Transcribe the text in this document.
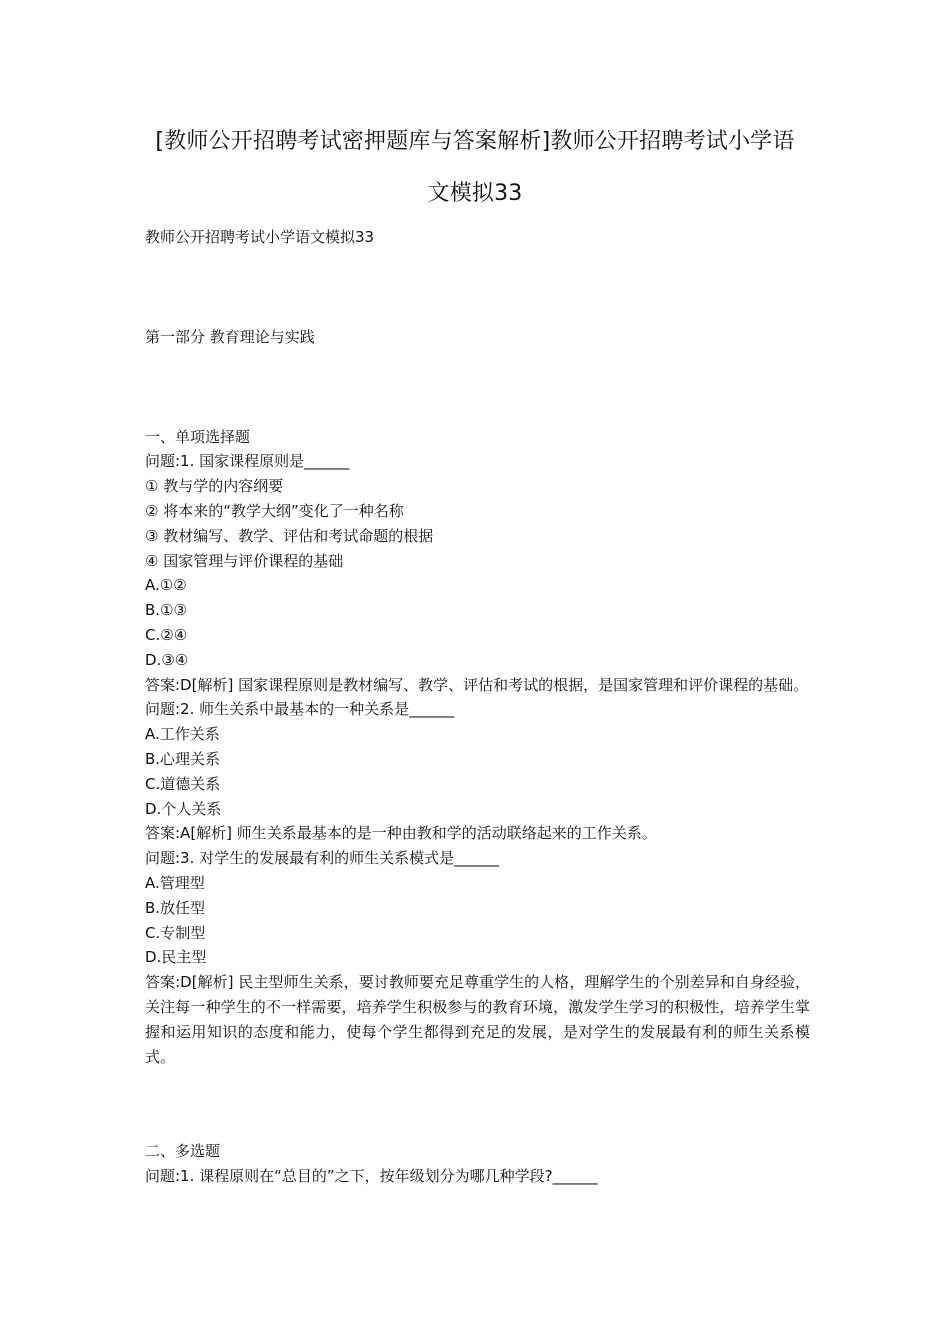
[教师公开招聘考试密押题库与答案解析]教师公开招聘考试小学语

文模拟33

教师公开招聘考试小学语文模拟33

第一部分 教育理论与实践

一、单项选择题

问题:1. 国家课程原则是______

① 教与学的内容纲要

② 将本来的“教学大纲”变化了一种名称

③ 教材编写、教学、评估和考试命题的根据

④ 国家管理与评价课程的基础

A.①②

B.①③

C.②④

D.③④

答案:D[解析] 国家课程原则是教材编写、教学、评估和考试的根据，是国家管理和评价课程的基础。

问题:2. 师生关系中最基本的一种关系是______

A.工作关系

B.心理关系

C.道德关系

D.个人关系

答案:A[解析] 师生关系最基本的是一种由教和学的活动联络起来的工作关系。

问题:3. 对学生的发展最有利的师生关系模式是______

A.管理型

B.放任型

C.专制型

D.民主型

答案:D[解析] 民主型师生关系，要讨教师要充足尊重学生的人格，理解学生的个别差异和自身经验，关注每一种学生的不一样需要，培养学生积极参与的教育环境，激发学生学习的积极性，培养学生掌握和运用知识的态度和能力，使每个学生都得到充足的发展，是对学生的发展最有利的师生关系模式。

二、多选题

问题:1. 课程原则在“总目的”之下，按年级划分为哪几种学段?______
